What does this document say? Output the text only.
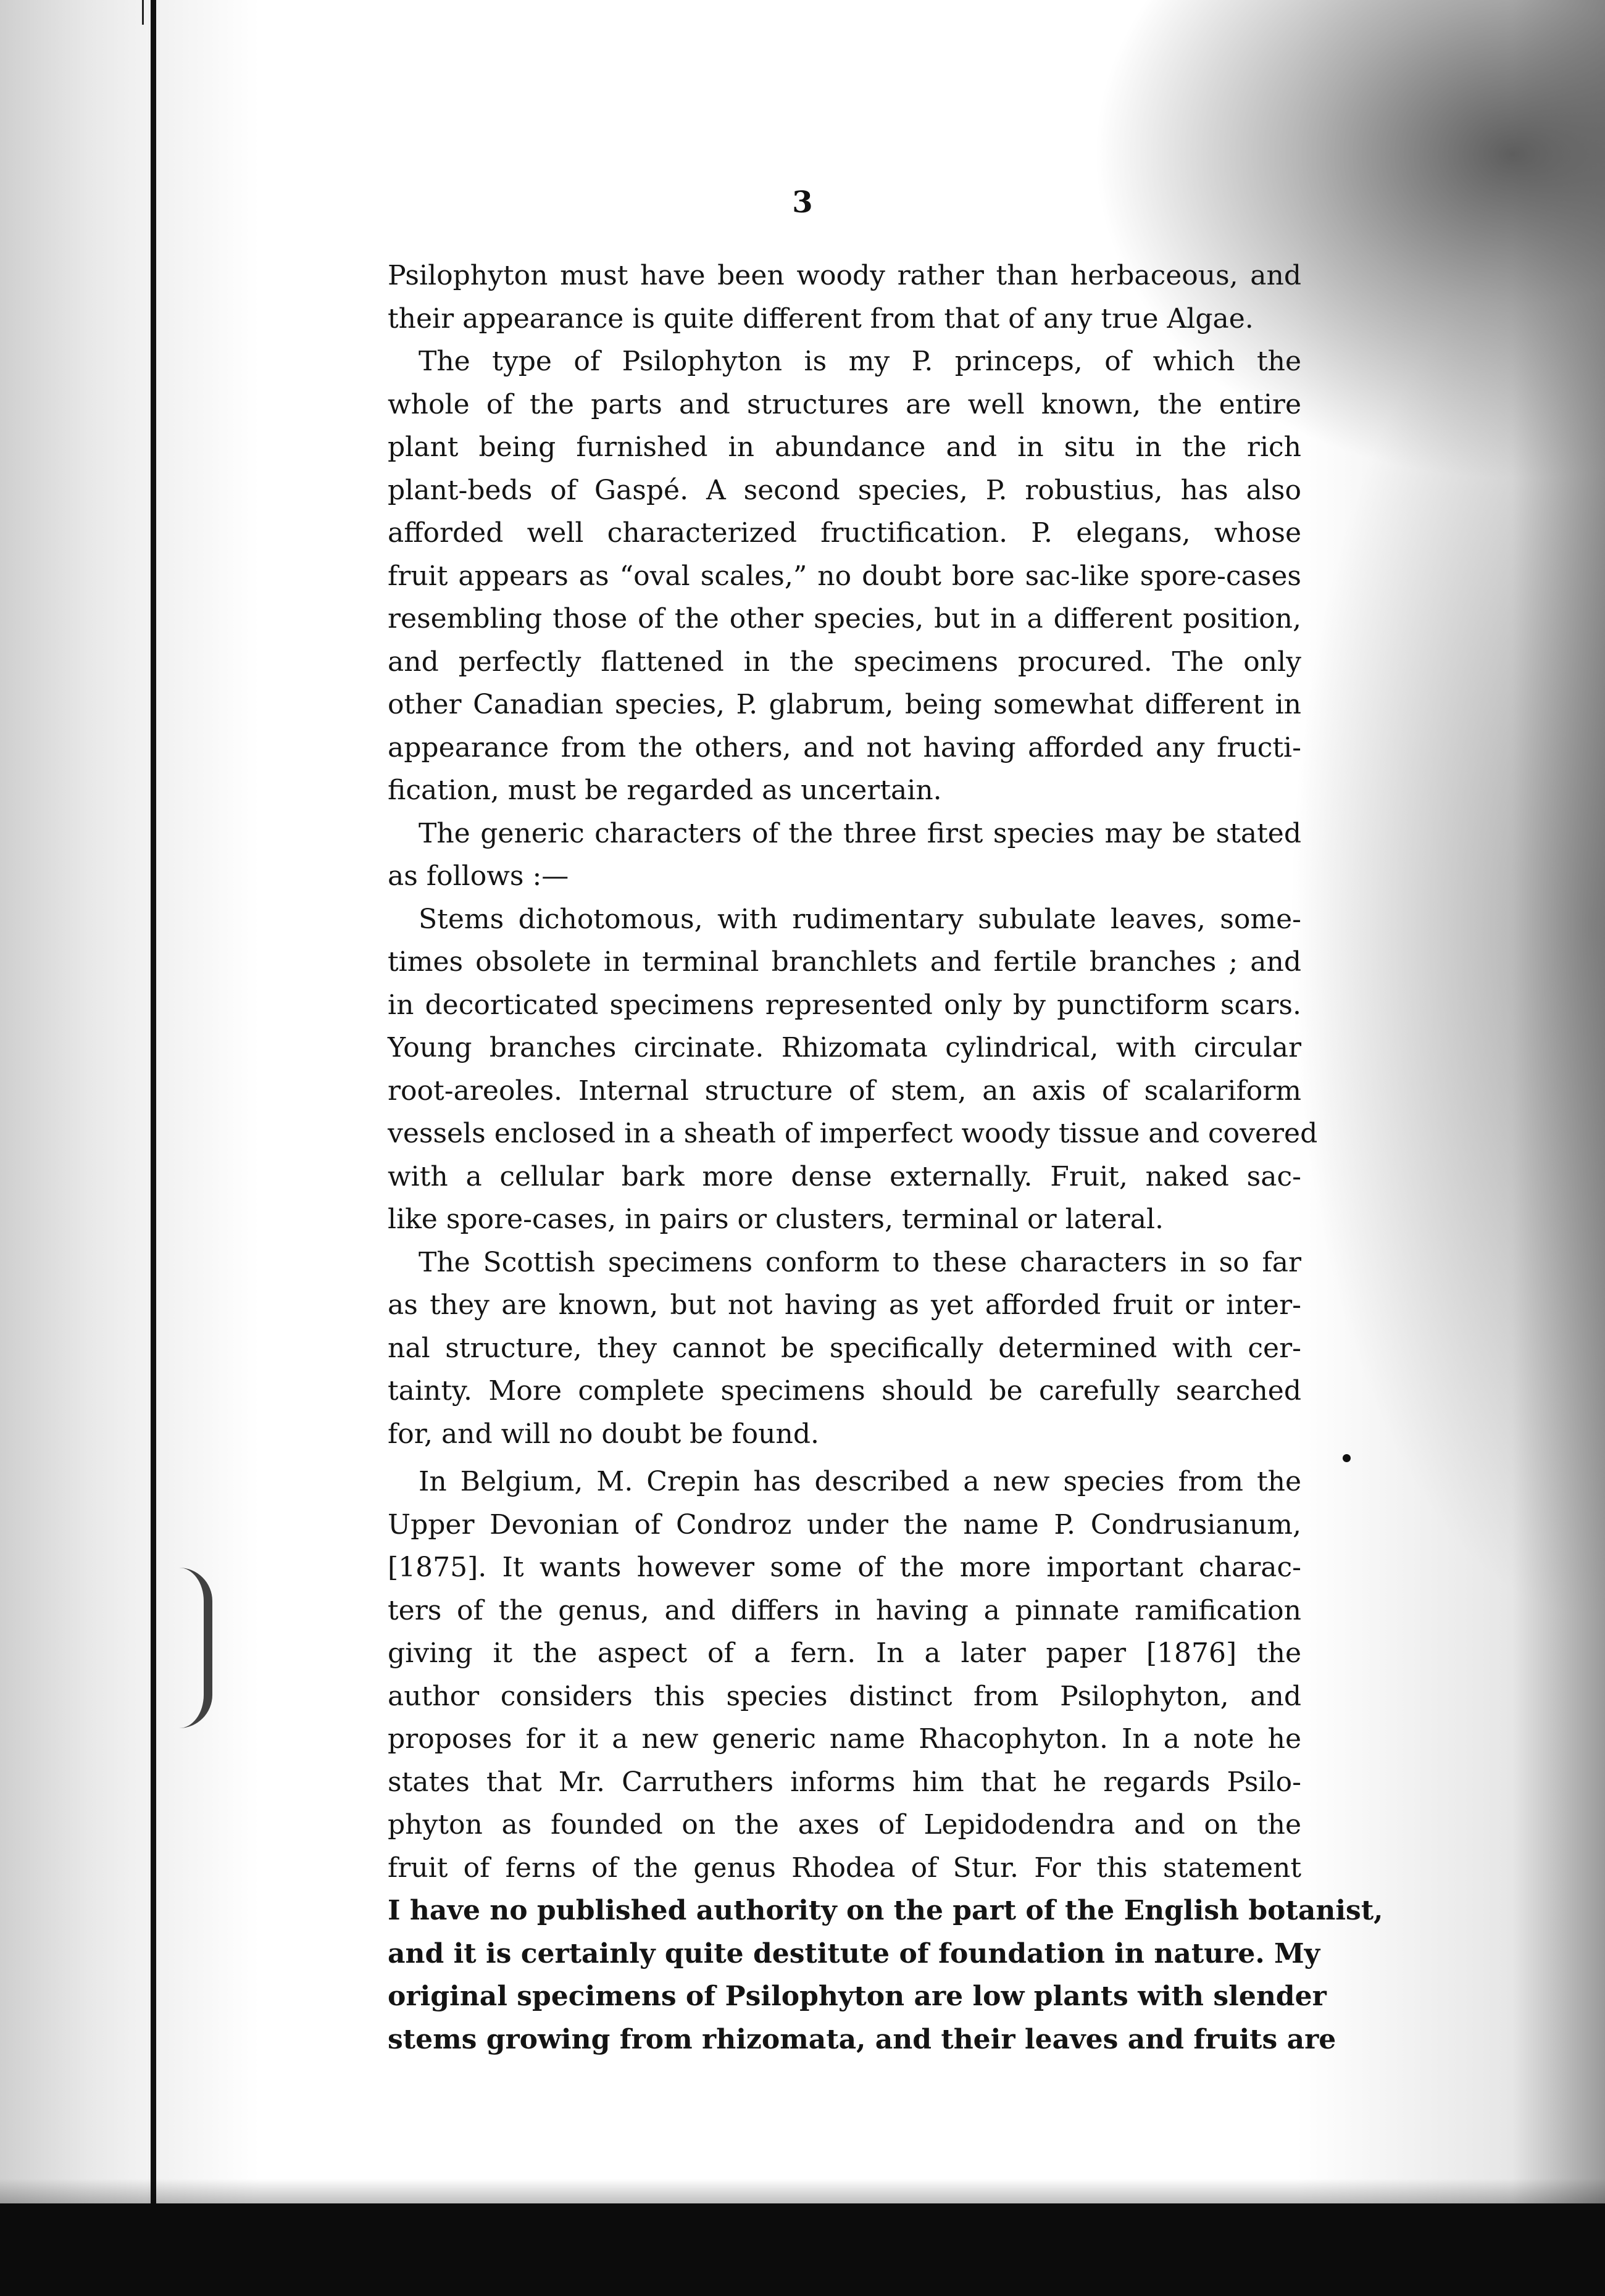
3
Psilophyton must have been woody rather than herbaceous, and
their appearance is quite different from that of any true Algae.
The type of Psilophyton is my P. princeps, of which the
whole of the parts and structures are well known, the entire
plant being furnished in abundance and in situ in the rich
plant-beds of Gaspé. A second species, P. robustius, has also
afforded well characterized fructification. P. elegans, whose
fruit appears as “oval scales,” no doubt bore sac-like spore-cases
resembling those of the other species, but in a different position,
and perfectly flattened in the specimens procured. The only
other Canadian species, P. glabrum, being somewhat different in
appearance from the others, and not having afforded any fructi-
fication, must be regarded as uncertain.
The generic characters of the three first species may be stated
as follows :—
Stems dichotomous, with rudimentary subulate leaves, some-
times obsolete in terminal branchlets and fertile branches ; and
in decorticated specimens represented only by punctiform scars.
Young branches circinate. Rhizomata cylindrical, with circular
root-areoles. Internal structure of stem, an axis of scalariform
vessels enclosed in a sheath of imperfect woody tissue and covered
with a cellular bark more dense externally. Fruit, naked sac-
like spore-cases, in pairs or clusters, terminal or lateral.
The Scottish specimens conform to these characters in so far
as they are known, but not having as yet afforded fruit or inter-
nal structure, they cannot be specifically determined with cer-
tainty. More complete specimens should be carefully searched
for, and will no doubt be found.
In Belgium, M. Crepin has described a new species from the
Upper Devonian of Condroz under the name P. Condrusianum,
[1875]. It wants however some of the more important charac-
ters of the genus, and differs in having a pinnate ramification
giving it the aspect of a fern. In a later paper [1876] the
author considers this species distinct from Psilophyton, and
proposes for it a new generic name Rhacophyton. In a note he
states that Mr. Carruthers informs him that he regards Psilo-
phyton as founded on the axes of Lepidodendra and on the
fruit of ferns of the genus Rhodea of Stur. For this statement
I have no published authority on the part of the English botanist,
and it is certainly quite destitute of foundation in nature. My
original specimens of Psilophyton are low plants with slender
stems growing from rhizomata, and their leaves and fruits are
